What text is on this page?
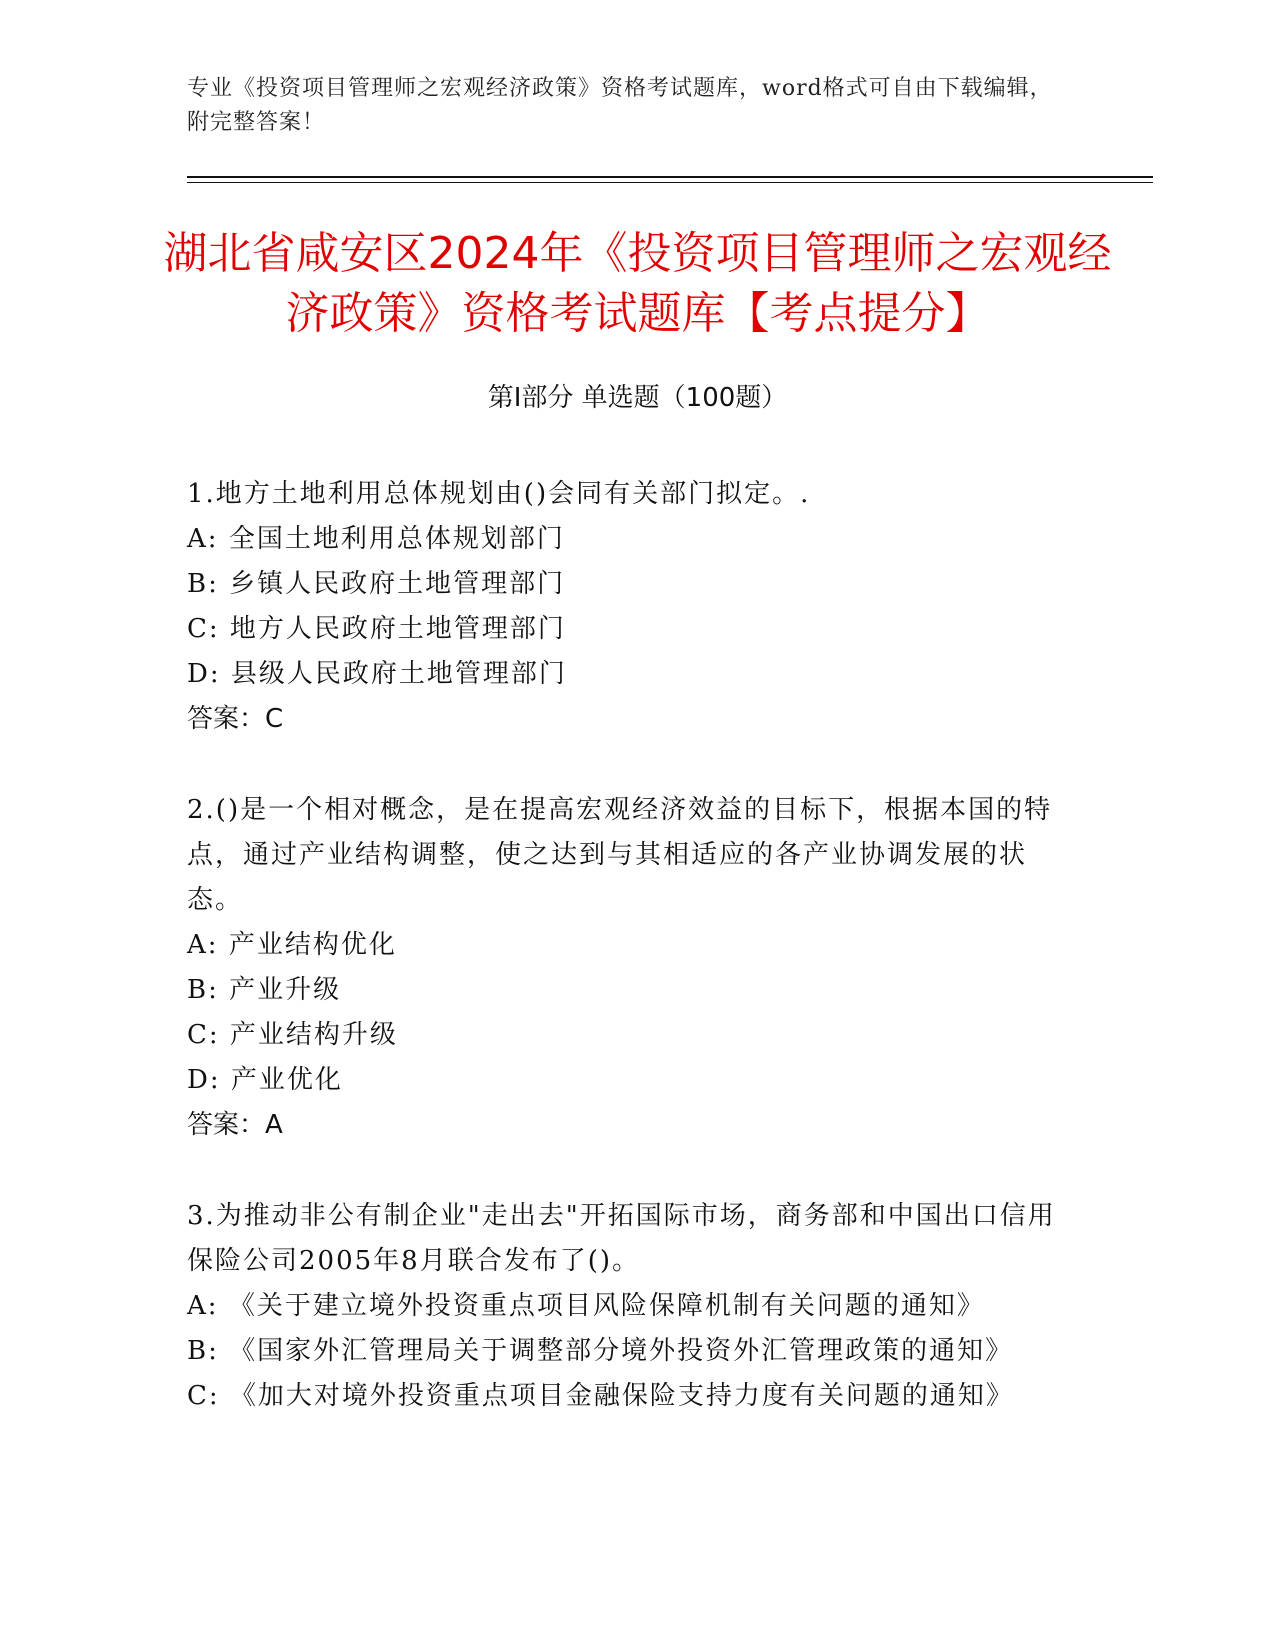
专业《投资项目管理师之宏观经济政策》资格考试题库，word格式可自由下载编辑，附完整答案！
湖北省咸安区2024年《投资项目管理师之宏观经济政策》资格考试题库【考点提分】
第I部分 单选题（100题）
1.地方土地利用总体规划由()会同有关部门拟定。.
A: 全国土地利用总体规划部门
B: 乡镇人民政府土地管理部门
C: 地方人民政府土地管理部门
D: 县级人民政府土地管理部门
答案：C
2.()是一个相对概念，是在提高宏观经济效益的目标下，根据本国的特点，通过产业结构调整，使之达到与其相适应的各产业协调发展的状态。
A: 产业结构优化
B: 产业升级
C: 产业结构升级
D: 产业优化
答案：A
3.为推动非公有制企业"走出去"开拓国际市场，商务部和中国出口信用保险公司2005年8月联合发布了()。
A: 《关于建立境外投资重点项目风险保障机制有关问题的通知》
B: 《国家外汇管理局关于调整部分境外投资外汇管理政策的通知》
C: 《加大对境外投资重点项目金融保险支持力度有关问题的通知》
